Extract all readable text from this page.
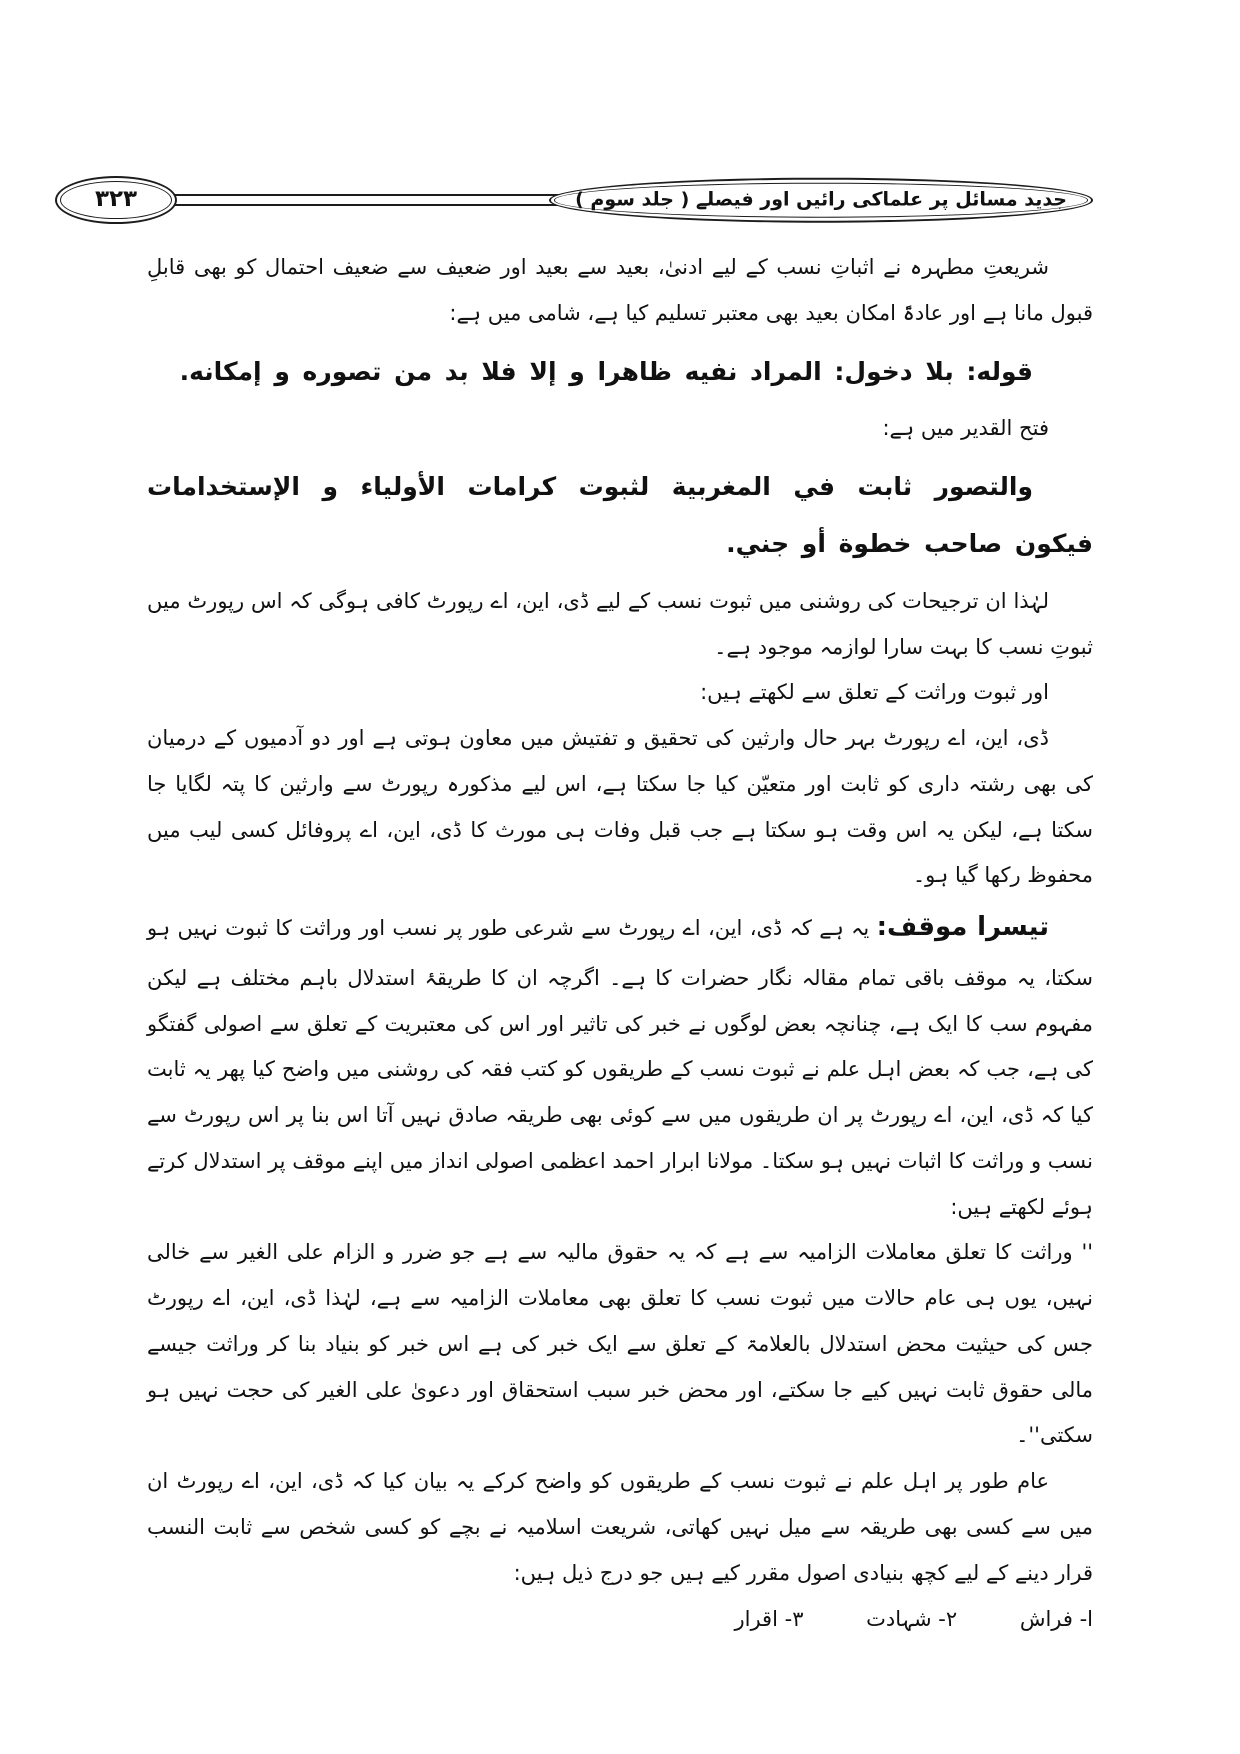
۳۲۳	جدید مسائل پر علماکی رائیں اور فیصلے ( جلد سوم )

شریعتِ مطہرہ نے اثباتِ نسب کے لیے ادنیٰ، بعید سے بعید اور ضعیف سے ضعیف احتمال کو بھی قابلِ قبول مانا ہے اور عادۃً امکان بعید بھی معتبر تسلیم کیا ہے، شامی میں ہے:

قوله: بلا دخول: المراد نفيه ظاهرا و إلا فلا بد من تصوره و إمكانه.

فتح القدیر میں ہے:

والتصور ثابت في المغربية لثبوت كرامات الأولياء و الإستخدامات فيكون صاحب خطوة أو جني.

لہٰذا ان ترجیحات کی روشنی میں ثبوت نسب کے لیے ڈی، این، اے رپورٹ کافی ہوگی کہ اس رپورٹ میں ثبوتِ نسب کا بہت سارا لوازمہ موجود ہے۔

اور ثبوت وراثت کے تعلق سے لکھتے ہیں:

ڈی، این، اے رپورٹ بہر حال وارثین کی تحقیق و تفتیش میں معاون ہوتی ہے اور دو آدمیوں کے درمیان کی بھی رشتہ داری کو ثابت اور متعیّن کیا جا سکتا ہے، اس لیے مذکورہ رپورٹ سے وارثین کا پتہ لگایا جا سکتا ہے، لیکن یہ اس وقت ہو سکتا ہے جب قبل وفات ہی مورث کا ڈی، این، اے پروفائل کسی لیب میں محفوظ رکھا گیا ہو۔

تیسرا موقف: یہ ہے کہ ڈی، این، اے رپورٹ سے شرعی طور پر نسب اور وراثت کا ثبوت نہیں ہو سکتا، یہ موقف باقی تمام مقالہ نگار حضرات کا ہے۔ اگرچہ ان کا طریقۂ استدلال باہم مختلف ہے لیکن مفہوم سب کا ایک ہے، چنانچہ بعض لوگوں نے خبر کی تاثیر اور اس کی معتبریت کے تعلق سے اصولی گفتگو کی ہے، جب کہ بعض اہل علم نے ثبوت نسب کے طریقوں کو کتب فقہ کی روشنی میں واضح کیا پھر یہ ثابت کیا کہ ڈی، این، اے رپورٹ پر ان طریقوں میں سے کوئی بھی طریقہ صادق نہیں آتا اس بنا پر اس رپورٹ سے نسب و وراثت کا اثبات نہیں ہو سکتا۔ مولانا ابرار احمد اعظمی اصولی انداز میں اپنے موقف پر استدلال کرتے ہوئے لکھتے ہیں:

'' وراثت کا تعلق معاملات الزامیہ سے ہے کہ یہ حقوق مالیہ سے ہے جو ضرر و الزام علی الغیر سے خالی نہیں، یوں ہی عام حالات میں ثبوت نسب کا تعلق بھی معاملات الزامیہ سے ہے، لہٰذا ڈی، این، اے رپورٹ جس کی حیثیت محض استدلال بالعلامۃ کے تعلق سے ایک خبر کی ہے اس خبر کو بنیاد بنا کر وراثت جیسے مالی حقوق ثابت نہیں کیے جا سکتے، اور محض خبر سبب استحقاق اور دعویٰ علی الغیر کی حجت نہیں ہو سکتی''۔

عام طور پر اہل علم نے ثبوت نسب کے طریقوں کو واضح کرکے یہ بیان کیا کہ ڈی، این، اے رپورٹ ان میں سے کسی بھی طریقہ سے میل نہیں کھاتی، شریعت اسلامیہ نے بچے کو کسی شخص سے ثابت النسب قرار دینے کے لیے کچھ بنیادی اصول مقرر کیے ہیں جو درج ذیل ہیں:

ا- فراش ۲- شہادت ۳- اقرار
